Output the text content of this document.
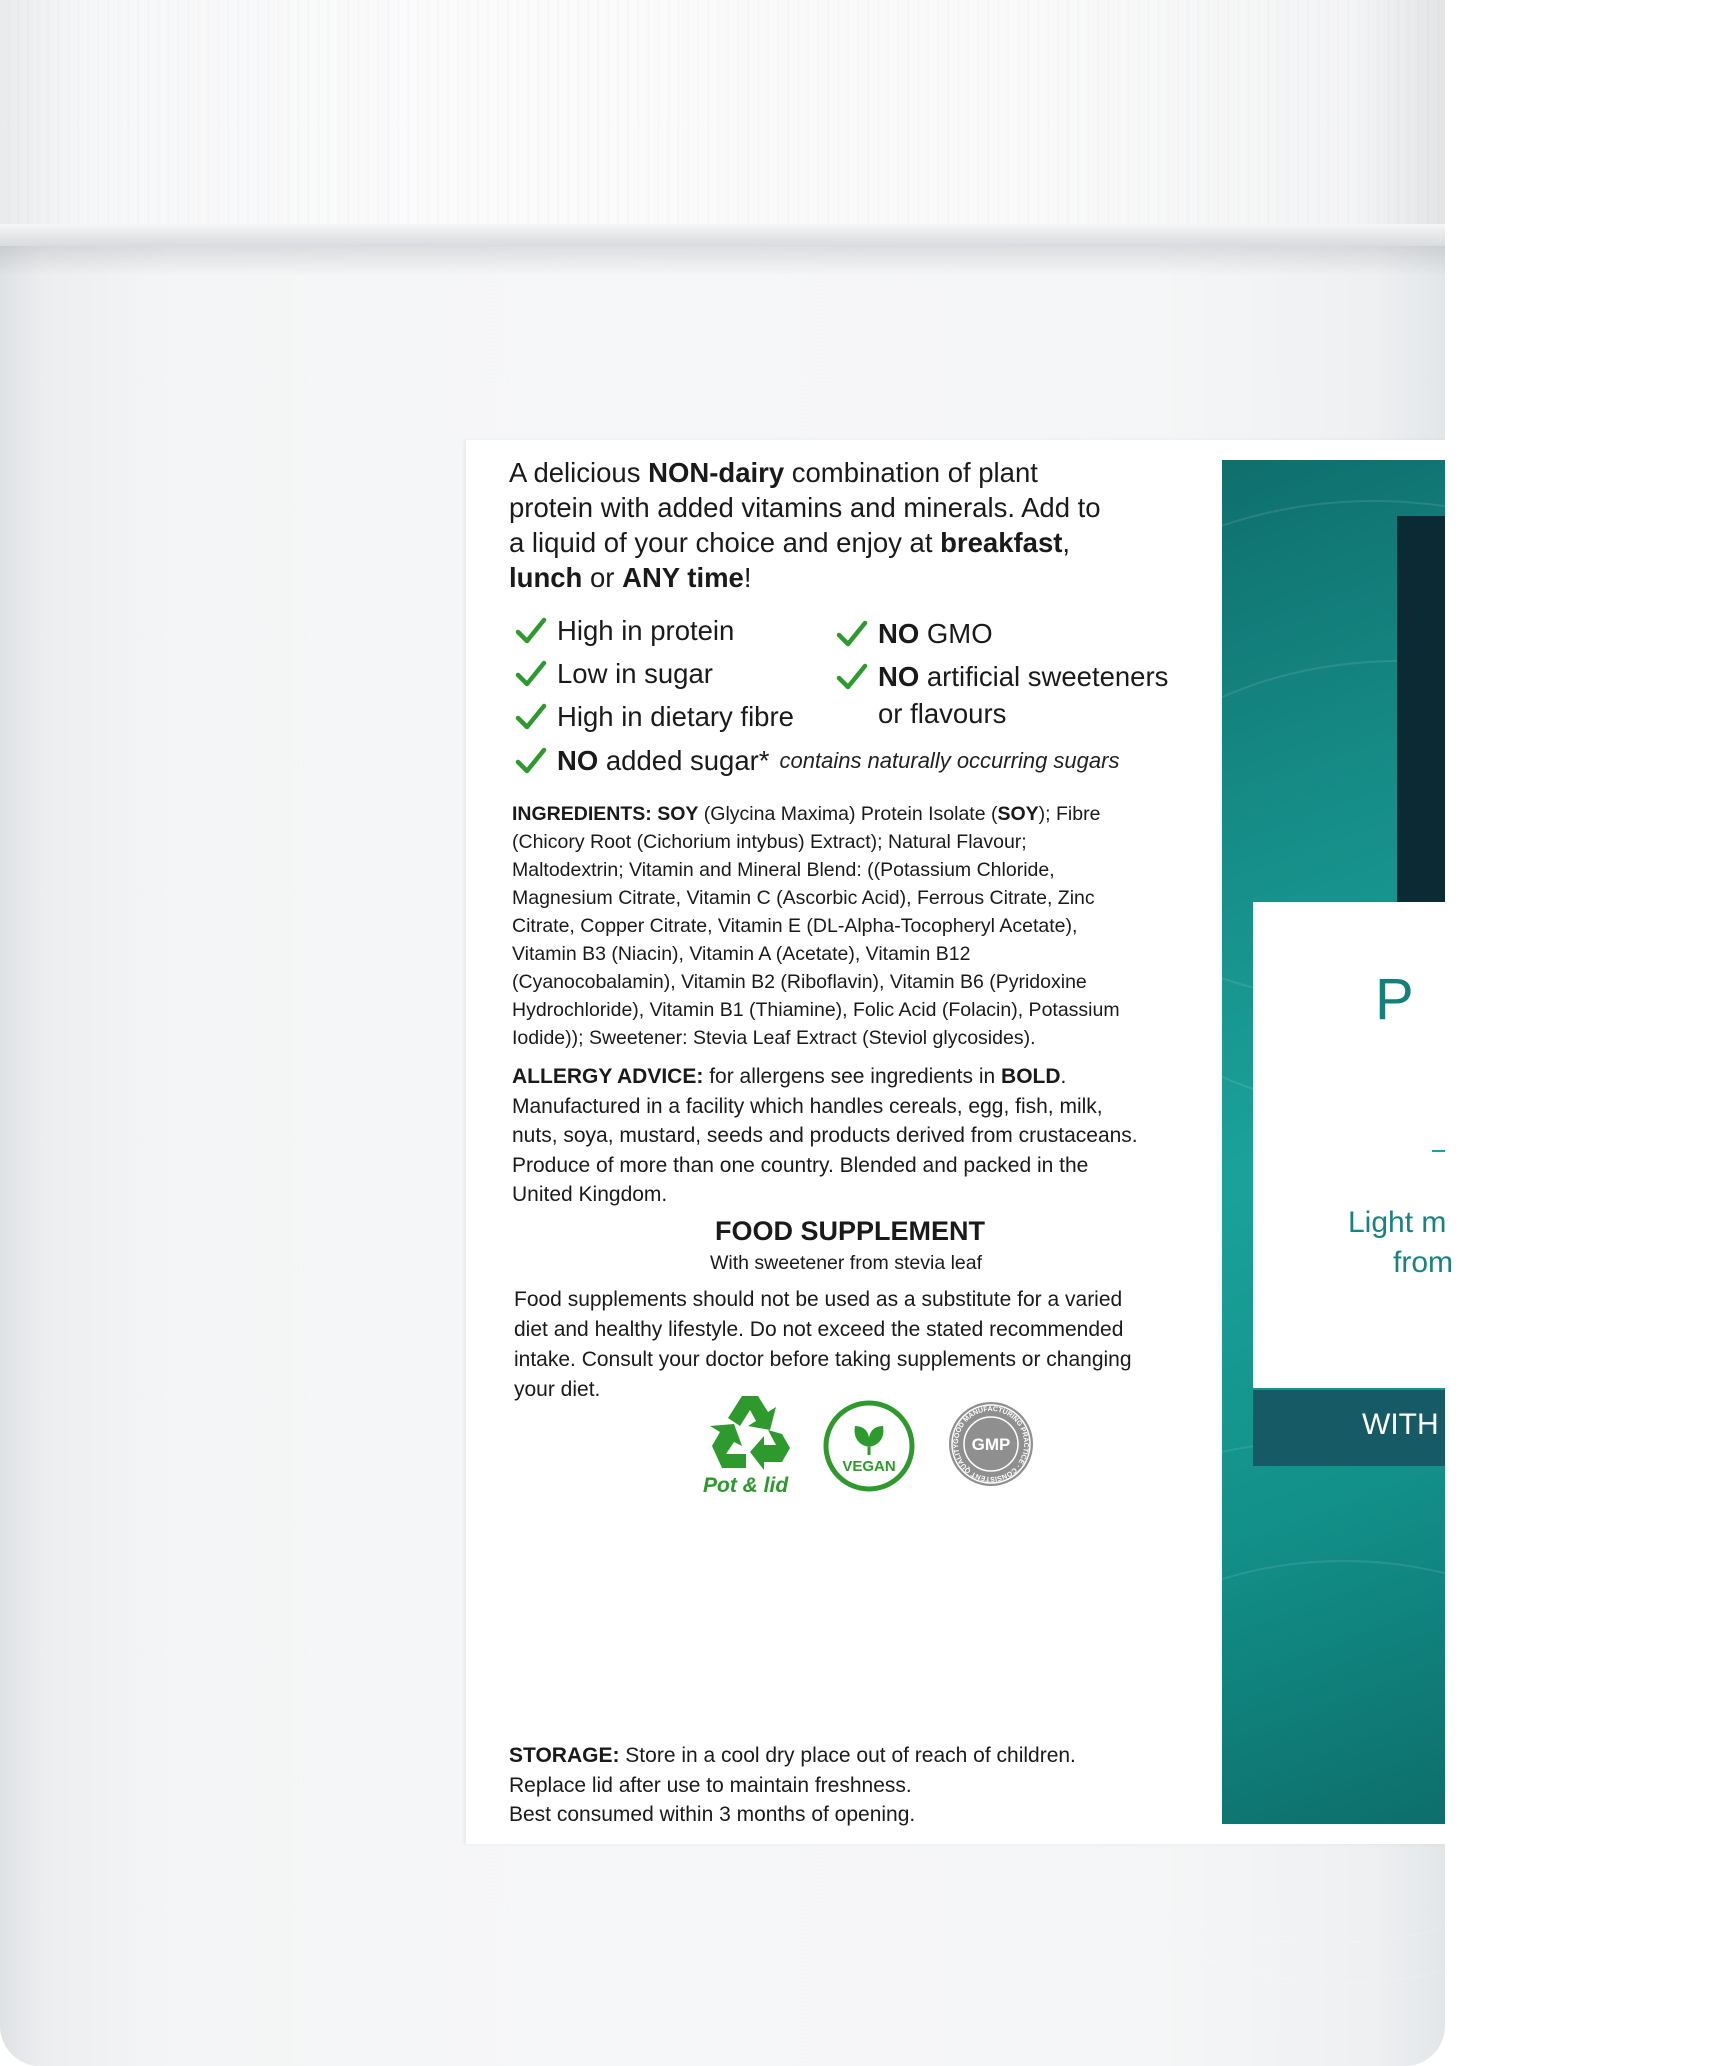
P

Light m

from

WITH

A delicious NON-dairy combination of plant
protein with added vitamins and minerals. Add to
a liquid of your choice and enjoy at breakfast,
lunch or ANY time!
High in protein
Low in sugar
High in dietary fibre
NO added sugar* contains naturally occurring sugars
NO GMO
NO artificial sweeteners

or flavours

INGREDIENTS: SOY (Glycina Maxima) Protein Isolate (SOY); Fibre
(Chicory Root (Cichorium intybus) Extract); Natural Flavour;
Maltodextrin; Vitamin and Mineral Blend: ((Potassium Chloride,
Magnesium Citrate, Vitamin C (Ascorbic Acid), Ferrous Citrate, Zinc
Citrate, Copper Citrate, Vitamin E (DL-Alpha-Tocopheryl Acetate),
Vitamin B3 (Niacin), Vitamin A (Acetate), Vitamin B12
(Cyanocobalamin), Vitamin B2 (Riboflavin), Vitamin B6 (Pyridoxine
Hydrochloride), Vitamin B1 (Thiamine), Folic Acid (Folacin), Potassium
Iodide)); Sweetener: Stevia Leaf Extract (Steviol glycosides).
ALLERGY ADVICE: for allergens see ingredients in BOLD.
Manufactured in a facility which handles cereals, egg, fish, milk,
nuts, soya, mustard, seeds and products derived from crustaceans.
Produce of more than one country. Blended and packed in the
United Kingdom.

FOOD SUPPLEMENT

With sweetener from stevia leaf

Food supplements should not be used as a substitute for a varied
diet and healthy lifestyle. Do not exceed the stated recommended
intake. Consult your doctor before taking supplements or changing
your diet.

Pot & lid

VEGAN
GOOD MANUFACTURING PRACTICE · CONSISTENT QUALITY GMP
STORAGE: Store in a cool dry place out of reach of children.
Replace lid after use to maintain freshness.
Best consumed within 3 months of opening.
